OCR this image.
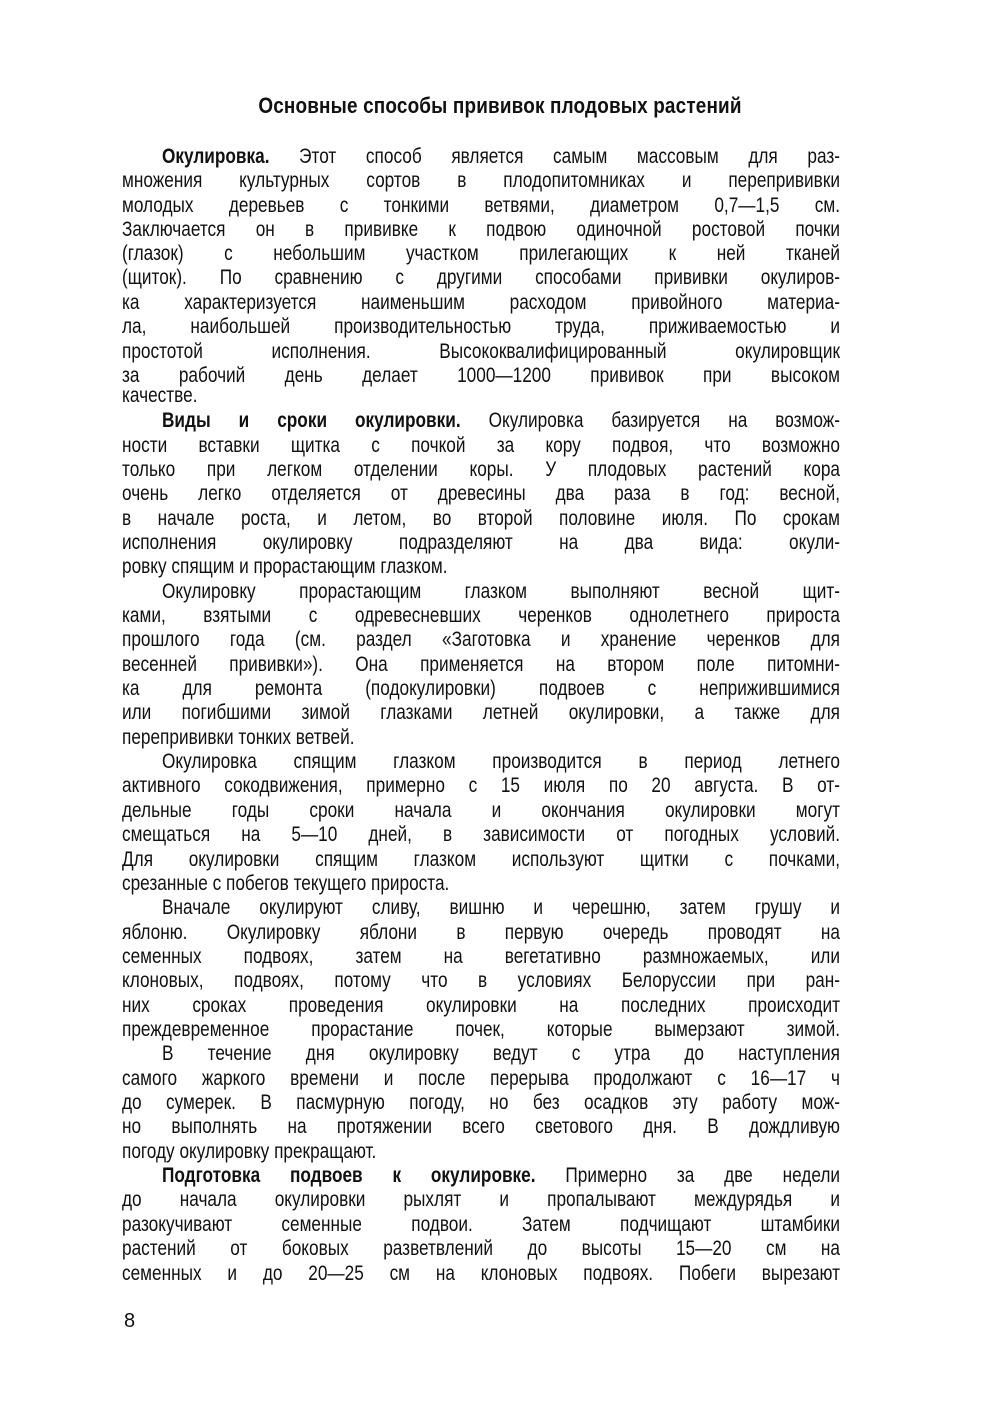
Основные способы прививок плодовых растений
Окулировка. Этот способ является самым массовым для раз-
множения культурных сортов в плодопитомниках и перепрививки
молодых деревьев с тонкими ветвями, диаметром 0,7—1,5 см.
Заключается он в прививке к подвою одиночной ростовой почки
(глазок) с небольшим участком прилегающих к ней тканей
(щиток). По сравнению с другими способами прививки окулиров-
ка характеризуется наименьшим расходом привойного материа-
ла, наибольшей производительностью труда, приживаемостью и
простотой исполнения. Высококвалифицированный окулировщик
за рабочий день делает 1000—1200 прививок при высоком
качестве.
Виды и сроки окулировки. Окулировка базируется на возмож-
ности вставки щитка с почкой за кору подвоя, что возможно
только при легком отделении коры. У плодовых растений кора
очень легко отделяется от древесины два раза в год: весной,
в начале роста, и летом, во второй половине июля. По срокам
исполнения окулировку подразделяют на два вида: окули-
ровку спящим и прорастающим глазком.
Окулировку прорастающим глазком выполняют весной щит-
ками, взятыми с одревесневших черенков однолетнего прироста
прошлого года (см. раздел «Заготовка и хранение черенков для
весенней прививки»). Она применяется на втором поле питомни-
ка для ремонта (подокулировки) подвоев с неприжившимися
или погибшими зимой глазками летней окулировки, а также для
перепрививки тонких ветвей.
Окулировка спящим глазком производится в период летнего
активного сокодвижения, примерно с 15 июля по 20 августа. В от-
дельные годы сроки начала и окончания окулировки могут
смещаться на 5—10 дней, в зависимости от погодных условий.
Для окулировки спящим глазком используют щитки с почками,
срезанные с побегов текущего прироста.
Вначале окулируют сливу, вишню и черешню, затем грушу и
яблоню. Окулировку яблони в первую очередь проводят на
семенных подвоях, затем на вегетативно размножаемых, или
клоновых, подвоях, потому что в условиях Белоруссии при ран-
них сроках проведения окулировки на последних происходит
преждевременное прорастание почек, которые вымерзают зимой.
В течение дня окулировку ведут с утра до наступления
самого жаркого времени и после перерыва продолжают с 16—17 ч
до сумерек. В пасмурную погоду, но без осадков эту работу мож-
но выполнять на протяжении всего светового дня. В дождливую
погоду окулировку прекращают.
Подготовка подвоев к окулировке. Примерно за две недели
до начала окулировки рыхлят и пропалывают междурядья и
разокучивают семенные подвои. Затем подчищают штамбики
растений от боковых разветвлений до высоты 15—20 см на
семенных и до 20—25 см на клоновых подвоях. Побеги вырезают
8
